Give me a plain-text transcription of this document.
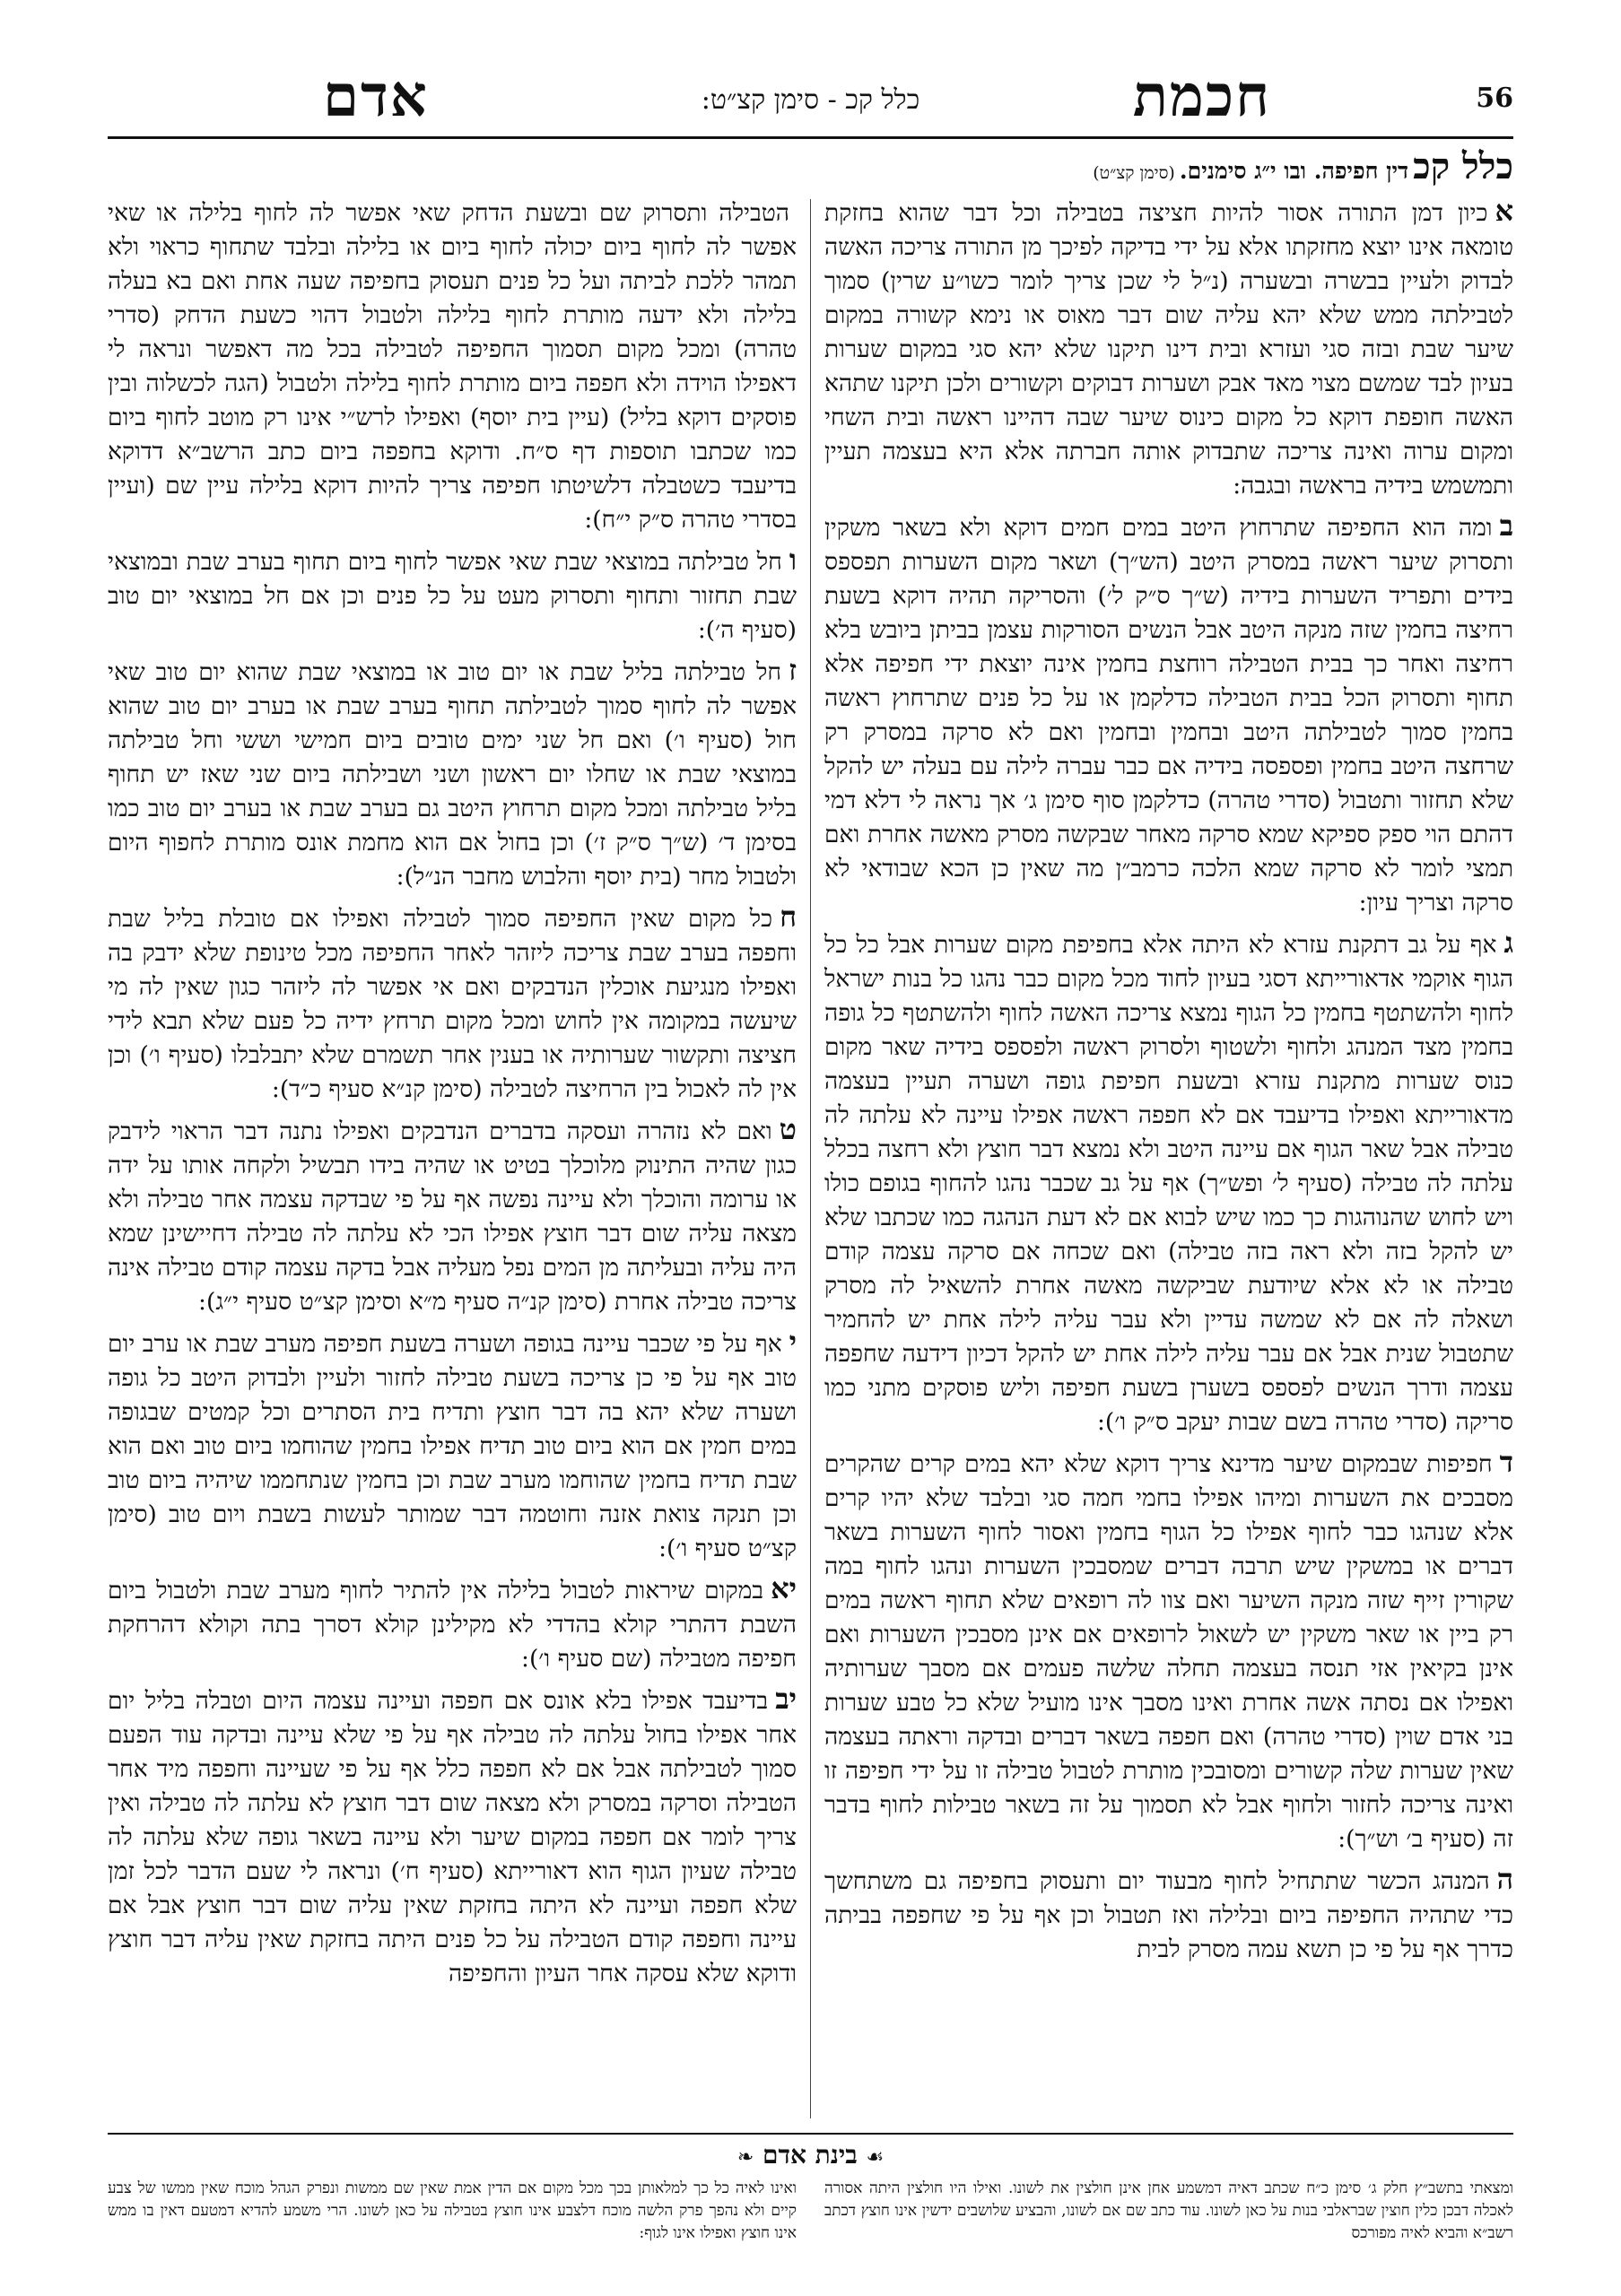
56
חכמת
כלל קכ - סימן קצ״ט:
אדם
כלל קכ דין חפיפה. ובו י״ג סימנים. (סימן קצ״ט)

אכיון דמן התורה אסור להיות חציצה בטבילה וכל דבר שהוא בחזקת טומאה אינו יוצא מחזקתו אלא על ידי בדיקה לפיכך מן התורה צריכה האשה לבדוק ולעיין בבשרה ובשערה (נ״ל לי שכן צריך לומר כשו״ע שרין) סמוך לטבילתה ממש שלא יהא עליה שום דבר מאוס או נימא קשורה במקום שיער שבת ובזה סגי ועזרא ובית דינו תיקנו שלא יהא סגי במקום שערות בעיון לבד שמשם מצוי מאד אבק ושערות דבוקים וקשורים ולכן תיקנו שתהא האשה חופפת דוקא כל מקום כינוס שיער שבה דהיינו ראשה ובית השחי ומקום ערוה ואינה צריכה שתבדוק אותה חברתה אלא היא בעצמה תעיין ותמשמש בידיה בראשה ובגבה:

בומה הוא החפיפה שתרחוץ היטב במים חמים דוקא ולא בשאר משקין ותסרוק שיער ראשה במסרק היטב (הש״ך) ושאר מקום השערות תפספס בידים ותפריד השערות בידיה (ש״ך ס״ק ל׳) והסריקה תהיה דוקא בשעת רחיצה בחמין שזה מנקה היטב אבל הנשים הסורקות עצמן בביתן ביובש בלא רחיצה ואחר כך בבית הטבילה רוחצת בחמין אינה יוצאת ידי חפיפה אלא תחוף ותסרוק הכל בבית הטבילה כדלקמן או על כל פנים שתרחוץ ראשה בחמין סמוך לטבילתה היטב ובחמין ובחמין ואם לא סרקה במסרק רק שרחצה היטב בחמין ופספסה בידיה אם כבר עברה לילה עם בעלה יש להקל שלא תחזור ותטבול (סדרי טהרה) כדלקמן סוף סימן ג׳ אך נראה לי דלא דמי דהתם הוי ספק ספיקא שמא סרקה מאחר שבקשה מסרק מאשה אחרת ואם תמצי לומר לא סרקה שמא הלכה כרמב״ן מה שאין כן הכא שבודאי לא סרקה וצריך עיון:

גאף על גב דתקנת עזרא לא היתה אלא בחפיפת מקום שערות אבל כל כל הגוף אוקמי אדאורייתא דסגי בעיון לחוד מכל מקום כבר נהגו כל בנות ישראל לחוף ולהשתטף בחמין כל הגוף נמצא צריכה האשה לחוף ולהשתטף כל גופה בחמין מצד המנהג ולחוף ולשטוף ולסרוק ראשה ולפספס בידיה שאר מקום כנוס שערות מתקנת עזרא ובשעת חפיפת גופה ושערה תעיין בעצמה מדאורייתא ואפילו בדיעבד אם לא חפפה ראשה אפילו עיינה לא עלתה לה טבילה אבל שאר הגוף אם עיינה היטב ולא נמצא דבר חוצץ ולא רחצה בכלל עלתה לה טבילה (סעיף ל׳ ופש״ך) אף על גב שכבר נהגו להחוף בגופם כולו ויש לחוש שהנוהגות כך כמו שיש לבוא אם לא דעת הנהגה כמו שכתבו שלא יש להקל בזה ולא ראה בזה טבילה) ואם שכחה אם סרקה עצמה קודם טבילה או לא אלא שיודעת שביקשה מאשה אחרת להשאיל לה מסרק ושאלה לה אם לא שמשה עדיין ולא עבר עליה לילה אחת יש להחמיר שתטבול שנית אבל אם עבר עליה לילה אחת יש להקל דכיון דידעה שחפפה עצמה ודרך הנשים לפספס בשערן בשעת חפיפה וליש פוסקים מתני כמו סריקה (סדרי טהרה בשם שבות יעקב ס״ק ו׳):

דחפיפות שבמקום שיער מדינא צריך דוקא שלא יהא במים קרים שהקרים מסבכים את השערות ומיהו אפילו בחמי חמה סגי ובלבד שלא יהיו קרים אלא שנהגו כבר לחוף אפילו כל הגוף בחמין ואסור לחוף השערות בשאר דברים או במשקין שיש תרבה דברים שמסבכין השערות ונהגו לחוף במה שקורין זייף שזה מנקה השיער ואם צוו לה רופאים שלא תחוף ראשה במים רק ביין או שאר משקין יש לשאול לרופאים אם אינן מסבכין השערות ואם אינן בקיאין אזי תנסה בעצמה תחלה שלשה פעמים אם מסבך שערותיה ואפילו אם נסתה אשה אחרת ואינו מסבך אינו מועיל שלא כל טבע שערות בני אדם שוין (סדרי טהרה) ואם חפפה בשאר דברים ובדקה וראתה בעצמה שאין שערות שלה קשורים ומסובכין מותרת לטבול טבילה זו על ידי חפיפה זו ואינה צריכה לחזור ולחוף אבל לא תסמוך על זה בשאר טבילות לחוף בדבר זה (סעיף ב׳ וש״ך):

ההמנהג הכשר שתתחיל לחוף מבעוד יום ותעסוק בחפיפה גם משתחשך כדי שתהיה החפיפה ביום ובלילה ואז תטבול וכן אף על פי שחפפה בביתה כדרך אף על פי כן תשא עמה מסרק לבית

הטבילה ותסרוק שם ובשעת הדחק שאי אפשר לה לחוף בלילה או שאי אפשר לה לחוף ביום יכולה לחוף ביום או בלילה ובלבד שתחוף כראוי ולא תמהר ללכת לביתה ועל כל פנים תעסוק בחפיפה שעה אחת ואם בא בעלה בלילה ולא ידעה מותרת לחוף בלילה ולטבול דהוי כשעת הדחק (סדרי טהרה) ומכל מקום תסמוך החפיפה לטבילה בכל מה דאפשר ונראה לי דאפילו הוידה ולא חפפה ביום מותרת לחוף בלילה ולטבול (הגה לכשלוה ובין פוסקים דוקא בליל) (עיין בית יוסף) ואפילו לרש״י אינו רק מוטב לחוף ביום כמו שכתבו תוספות דף ס״ח. ודוקא בחפפה ביום כתב הרשב״א דדוקא בדיעבד כשטבלה דלשיטתו חפיפה צריך להיות דוקא בלילה עיין שם (ועיין בסדרי טהרה ס״ק י״ח):

וחל טבילתה במוצאי שבת שאי אפשר לחוף ביום תחוף בערב שבת ובמוצאי שבת תחזור ותחוף ותסרוק מעט על כל פנים וכן אם חל במוצאי יום טוב (סעיף ה׳):

זחל טבילתה בליל שבת או יום טוב או במוצאי שבת שהוא יום טוב שאי אפשר לה לחוף סמוך לטבילתה תחוף בערב שבת או בערב יום טוב שהוא חול (סעיף ו׳) ואם חל שני ימים טובים ביום חמישי וששי וחל טבילתה במוצאי שבת או שחלו יום ראשון ושני ושבילתה ביום שני שאז יש תחוף בליל טבילתה ומכל מקום תרחוץ היטב גם בערב שבת או בערב יום טוב כמו בסימן ד׳ (ש״ך ס״ק ז׳) וכן בחול אם הוא מחמת אונס מותרת לחפוף היום ולטבול מחר (בית יוסף והלבוש מחבר הנ״ל):

חכל מקום שאין החפיפה סמוך לטבילה ואפילו אם טובלת בליל שבת וחפפה בערב שבת צריכה ליזהר לאחר החפיפה מכל טינופת שלא ידבק בה ואפילו מנגיעת אוכלין הנדבקים ואם אי אפשר לה ליזהר כגון שאין לה מי שיעשה במקומה אין לחוש ומכל מקום תרחץ ידיה כל פעם שלא תבא לידי חציצה ותקשור שערותיה או בענין אחר תשמרם שלא יתבלבלו (סעיף ו׳) וכן אין לה לאכול בין הרחיצה לטבילה (סימן קנ״א סעיף כ״ד):

טואם לא נזהרה ועסקה בדברים הנדבקים ואפילו נתנה דבר הראוי לידבק כגון שהיה התינוק מלוכלך בטיט או שהיה בידו תבשיל ולקחה אותו על ידה או ערומה והוכלך ולא עיינה נפשה אף על פי שבדקה עצמה אחר טבילה ולא מצאה עליה שום דבר חוצץ אפילו הכי לא עלתה לה טבילה דחיישינן שמא היה עליה ובעליתה מן המים נפל מעליה אבל בדקה עצמה קודם טבילה אינה צריכה טבילה אחרת (סימן קנ״ה סעיף מ״א וסימן קצ״ט סעיף י״ג):

יאף על פי שכבר עיינה בגופה ושערה בשעת חפיפה מערב שבת או ערב יום טוב אף על פי כן צריכה בשעת טבילה לחזור ולעיין ולבדוק היטב כל גופה ושערה שלא יהא בה דבר חוצץ ותדיח בית הסתרים וכל קמטים שבגופה במים חמין אם הוא ביום טוב תדיח אפילו בחמין שהוחמו ביום טוב ואם הוא שבת תדיח בחמין שהוחמו מערב שבת וכן בחמין שנתחממו שיהיה ביום טוב וכן תנקה צואת אזנה וחוטמה דבר שמותר לעשות בשבת ויום טוב (סימן קצ״ט סעיף ו׳):

יאבמקום שיראות לטבול בלילה אין להתיר לחוף מערב שבת ולטבול ביום השבת דהתרי קולא בהדדי לא מקילינן קולא דסרך בתה וקולא דהרחקת חפיפה מטבילה (שם סעיף ו׳):

יבבדיעבד אפילו בלא אונס אם חפפה ועיינה עצמה היום וטבלה בליל יום אחר אפילו בחול עלתה לה טבילה אף על פי שלא עיינה ובדקה עוד הפעם סמוך לטבילתה אבל אם לא חפפה כלל אף על פי שעיינה וחפפה מיד אחר הטבילה וסרקה במסרק ולא מצאה שום דבר חוצץ לא עלתה לה טבילה ואין צריך לומר אם חפפה במקום שיער ולא עיינה בשאר גופה שלא עלתה לה טבילה שעיון הגוף הוא דאורייתא (סעיף ח׳) ונראה לי שעם הדבר לכל זמן שלא חפפה ועיינה לא היתה בחזקת שאין עליה שום דבר חוצץ אבל אם עיינה וחפפה קודם הטבילה על כל פנים היתה בחזקת שאין עליה דבר חוצץ ודוקא שלא עסקה אחר העיון והחפיפה

☙ בינת אדם ❧
ומצאתי בתשב״ץ חלק ג׳ סימן כ״ח שכתב דאיה דמשמע אחן אינן חולצין את לשונו. ואילו היו חולצין היתה אסורה לאכלה דבכן כלין חוצין שבראלבי בנות על כאן לשונו. עוד כתב שם אם לשונו, והבציע שלושבים ידשין אינו חוצץ דכתב רשב״א והביא לאיה מפורכס
ואינו לאיה כל כך למלאותן בכך מכל מקום אם הדין אמת שאין שם ממשות ונפרק הגהל מוכח שאין ממשו של צבע קיים ולא נהפך פרק הלשה מוכח דלצבע אינו חוצץ בטבילה על כאן לשונו. הרי משמע להדיא דמטעם דאין בו ממש אינו חוצץ ואפילו אינו לגוף:
